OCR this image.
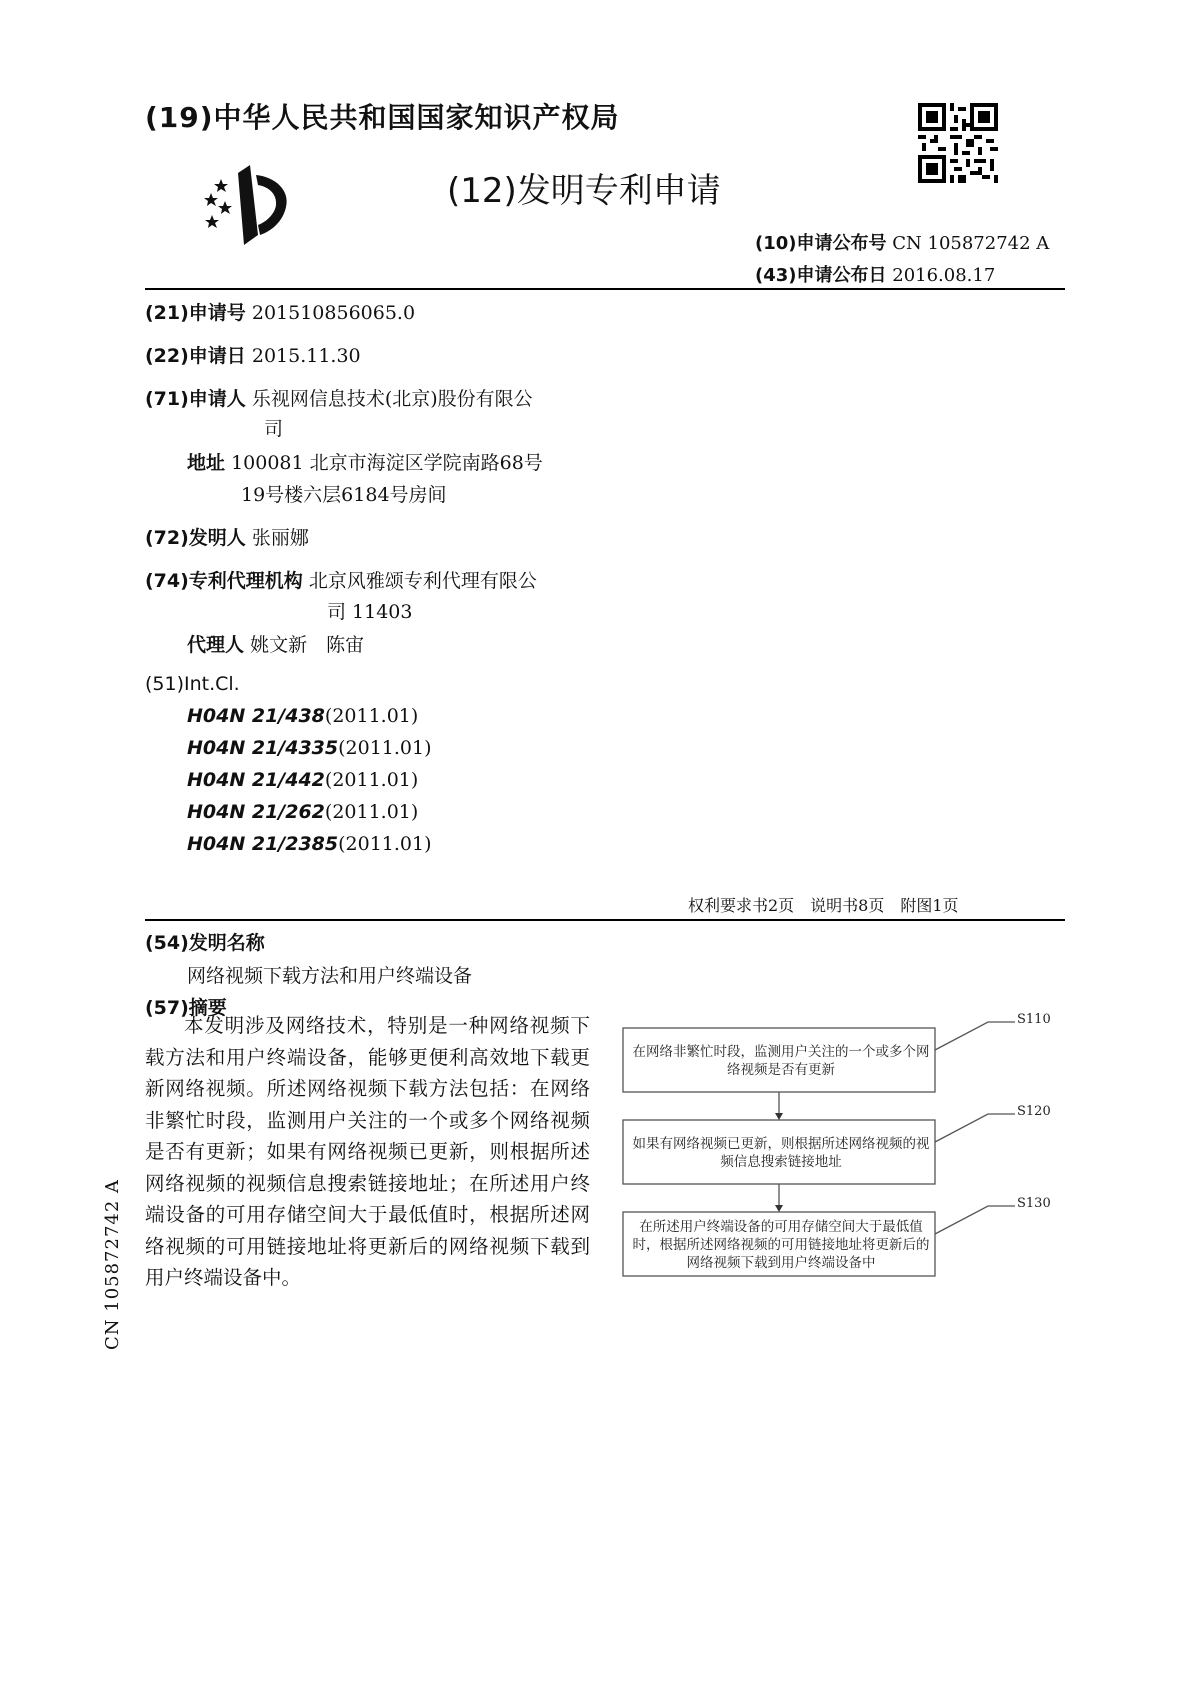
(19)中华人民共和国国家知识产权局
(12)发明专利申请
(10)申请公布号 CN 105872742 A
(43)申请公布日 2016.08.17
(21)申请号 201510856065.0
(22)申请日 2015.11.30
(71)申请人 乐视网信息技术(北京)股份有限公
司
地址 100081 北京市海淀区学院南路68号
19号楼六层6184号房间
(72)发明人 张丽娜
(74)专利代理机构 北京风雅颂专利代理有限公
司 11403
代理人 姚文新　陈宙
(51)Int.Cl.
H04N 21/438(2011.01)
H04N 21/4335(2011.01)
H04N 21/442(2011.01)
H04N 21/262(2011.01)
H04N 21/2385(2011.01)
权利要求书2页　说明书8页　附图1页
(54)发明名称
网络视频下载方法和用户终端设备
(57)摘要

本发明涉及网络技术，特别是一种网络视频下载方法和用户终端设备，能够更便利高效地下载更新网络视频。所述网络视频下载方法包括：在网络非繁忙时段，监测用户关注的一个或多个网络视频是否有更新；如果有网络视频已更新，则根据所述网络视频的视频信息搜索链接地址；在所述用户终端设备的可用存储空间大于最低值时，根据所述网络视频的可用链接地址将更新后的网络视频下载到用户终端设备中。

在网络非繁忙时段，监测用户关注的一个或多个网络视频是否有更新
如果有网络视频已更新，则根据所述网络视频的视频信息搜索链接地址
在所述用户终端设备的可用存储空间大于最低值时，根据所述网络视频的可用链接地址将更新后的网络视频下载到用户终端设备中
S110
S120
S130
CN 105872742 A
